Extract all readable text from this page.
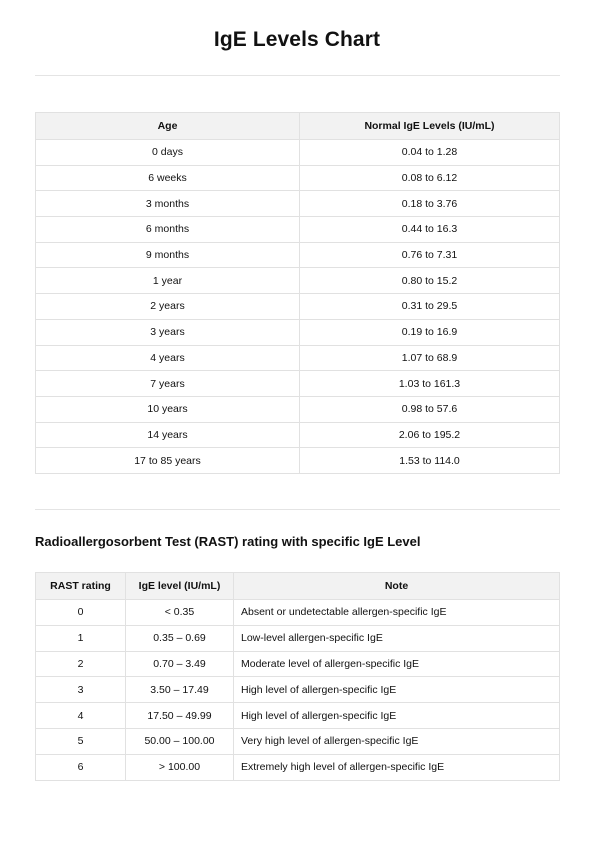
IgE Levels Chart
Age	Normal IgE Levels (IU/mL)
0 days	0.04 to 1.28
6 weeks	0.08 to 6.12
3 months	0.18 to 3.76
6 months	0.44 to 16.3
9 months	0.76 to 7.31
1 year	0.80 to 15.2
2 years	0.31 to 29.5
3 years	0.19 to 16.9
4 years	1.07 to 68.9
7 years	1.03 to 161.3
10 years	0.98 to 57.6
14 years	2.06 to 195.2
17 to 85 years	1.53 to 114.0
Radioallergosorbent Test (RAST) rating with specific IgE Level
RAST rating	IgE level (IU/mL)	Note
0	< 0.35	Absent or undetectable allergen-specific IgE
1	0.35 – 0.69	Low-level allergen-specific IgE
2	0.70 – 3.49	Moderate level of allergen-specific IgE
3	3.50 – 17.49	High level of allergen-specific IgE
4	17.50 – 49.99	High level of allergen-specific IgE
5	50.00 – 100.00	Very high level of allergen-specific IgE
6	> 100.00	Extremely high level of allergen-specific IgE
